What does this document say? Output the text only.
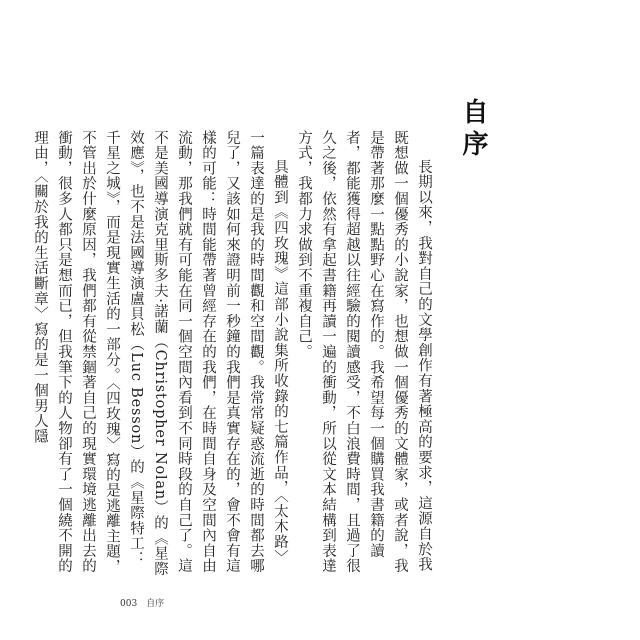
自序

長期以來，我對自己的文學創作有著極高的要求，這源自於我既想做一個優秀的小說家，也想做一個優秀的文體家，或者說，我是帶著那麼一點點野心在寫作的。我希望每一個購買我書籍的讀者，都能獲得超越以往經驗的閱讀感受，不白浪費時間，且過了很久之後，依然有拿起書籍再讀一遍的衝動，所以從文本結構到表達方式，我都力求做到不重複自己。

具體到《四玫瑰》這部小說集所收錄的七篇作品，〈太木路〉一篇表達的是我的時間觀和空間觀。我常常疑惑流逝的時間都去哪兒了，又該如何來證明前一秒鐘的我們是真實存在的，會不會有這樣的可能：時間能帶著曾經存在的我們，在時間自身及空間內自由流動，那我們就有可能在同一個空間內看到不同時段的自己了。這不是美國導演克里斯多夫·諾蘭（Christopher Nolan）的《星際效應》，也不是法國導演盧貝松（Luc Besson）的《星際特工：千星之城》，而是現實生活的一部分。〈四玫瑰〉寫的是逃離主題，不管出於什麼原因，我們都有從禁錮著自己的現實環境逃離出去的衝動，很多人都只是想而已，但我筆下的人物卻有了一個繞不開的理由，〈關於我的生活斷章〉寫的是一個男人隱

003 自序
